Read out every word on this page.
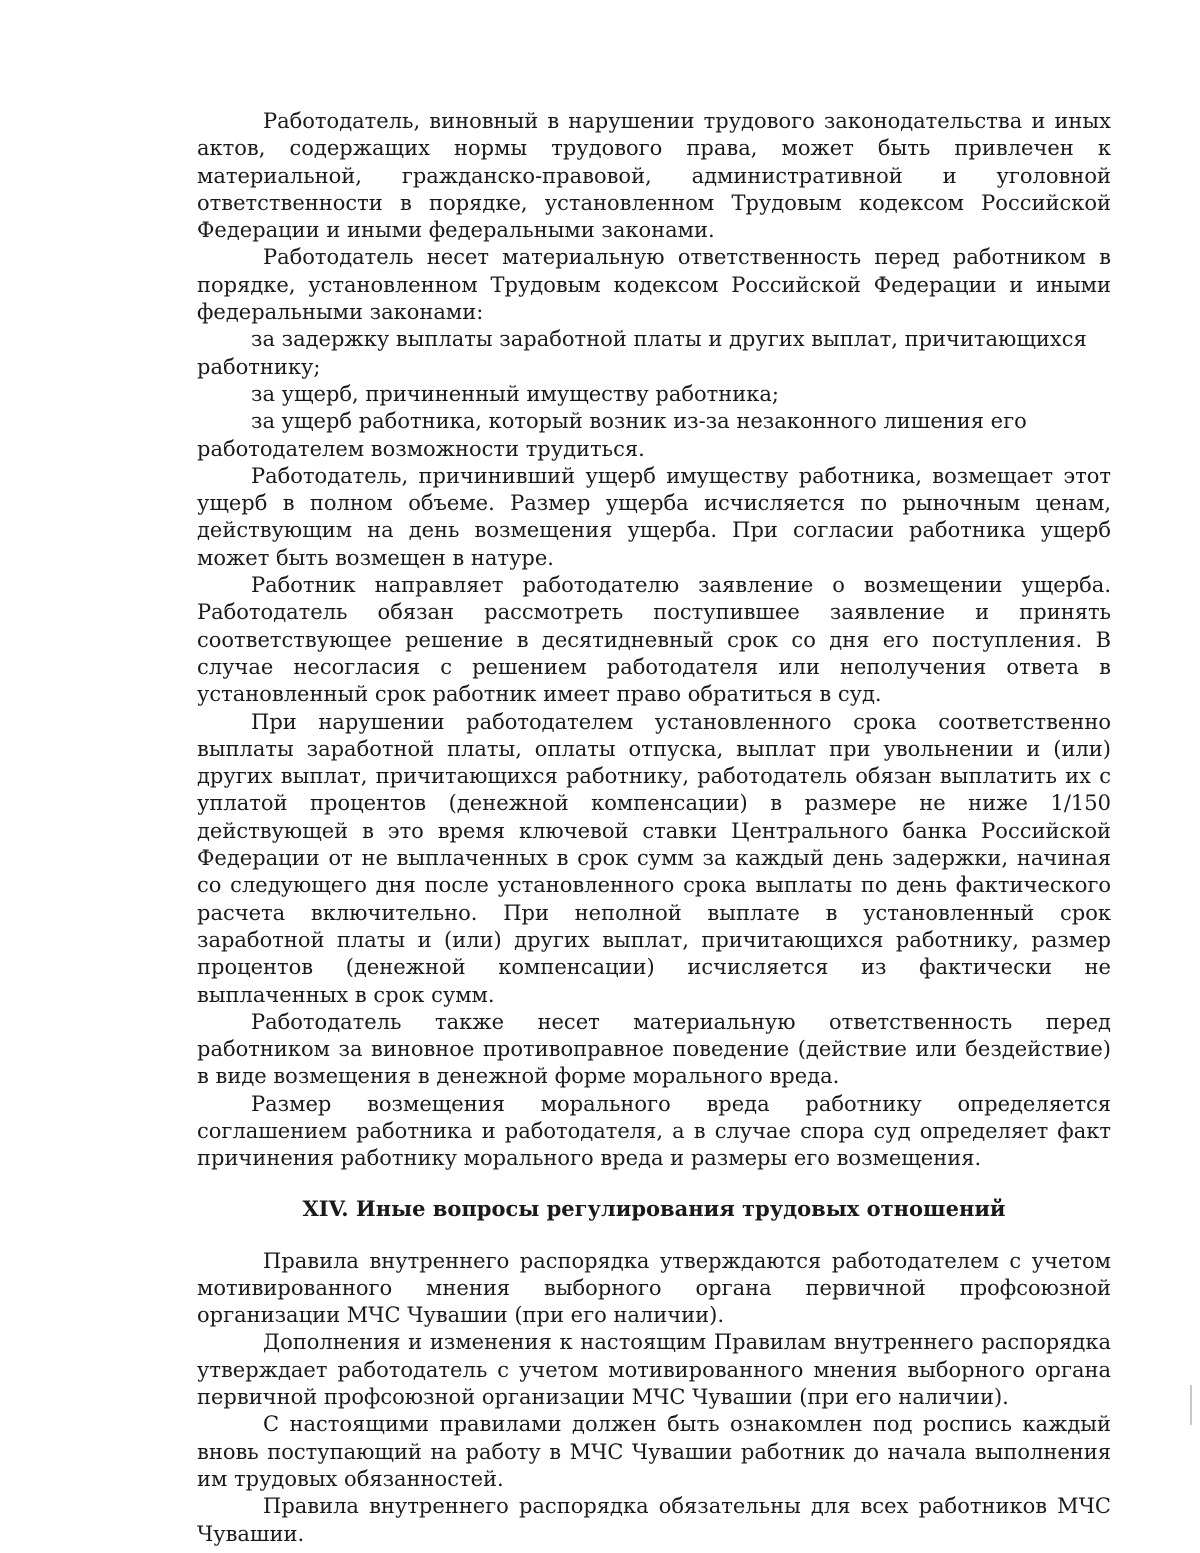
Работодатель, виновный в нарушении трудового законодательства и иных актов, содержащих нормы трудового права, может быть привлечен к материальной, гражданско-правовой, административной и уголовной ответственности в порядке, установленном Трудовым кодексом Российской Федерации и иными федеральными законами.

Работодатель несет материальную ответственность перед работником в порядке, установленном Трудовым кодексом Российской Федерации и иными федеральными законами:

за задержку выплаты заработной платы и других выплат, причитающихся работнику;

за ущерб, причиненный имуществу работника;

за ущерб работника, который возник из-за незаконного лишения его работодателем возможности трудиться.

Работодатель, причинивший ущерб имуществу работника, возмещает этот ущерб в полном объеме. Размер ущерба исчисляется по рыночным ценам, действующим на день возмещения ущерба. При согласии работника ущерб может быть возмещен в натуре.

Работник направляет работодателю заявление о возмещении ущерба. Работодатель обязан рассмотреть поступившее заявление и принять соответствующее решение в десятидневный срок со дня его поступления. В случае несогласия с решением работодателя или неполучения ответа в установленный срок работник имеет право обратиться в суд.

При нарушении работодателем установленного срока соответственно выплаты заработной платы, оплаты отпуска, выплат при увольнении и (или) других выплат, причитающихся работнику, работодатель обязан выплатить их с уплатой процентов (денежной компенсации) в размере не ниже 1/150 действующей в это время ключевой ставки Центрального банка Российской Федерации от не выплаченных в срок сумм за каждый день задержки, начиная со следующего дня после установленного срока выплаты по день фактического расчета включительно. При неполной выплате в установленный срок заработной платы и (или) других выплат, причитающихся работнику, размер процентов (денежной компенсации) исчисляется из фактически не выплаченных в срок сумм.

Работодатель также несет материальную ответственность перед работником за виновное противоправное поведение (действие или бездействие) в виде возмещения в денежной форме морального вреда.

Размер возмещения морального вреда работнику определяется соглашением работника и работодателя, а в случае спора суд определяет факт причинения работнику морального вреда и размеры его возмещения.

XIV. Иные вопросы регулирования трудовых отношений

Правила внутреннего распорядка утверждаются работодателем с учетом мотивированного мнения выборного органа первичной профсоюзной организации МЧС Чувашии (при его наличии).

Дополнения и изменения к настоящим Правилам внутреннего распорядка утверждает работодатель с учетом мотивированного мнения выборного органа первичной профсоюзной организации МЧС Чувашии (при его наличии).

С настоящими правилами должен быть ознакомлен под роспись каждый вновь поступающий на работу в МЧС Чувашии работник до начала выполнения им трудовых обязанностей.

Правила внутреннего распорядка обязательны для всех работников МЧС Чувашии.
